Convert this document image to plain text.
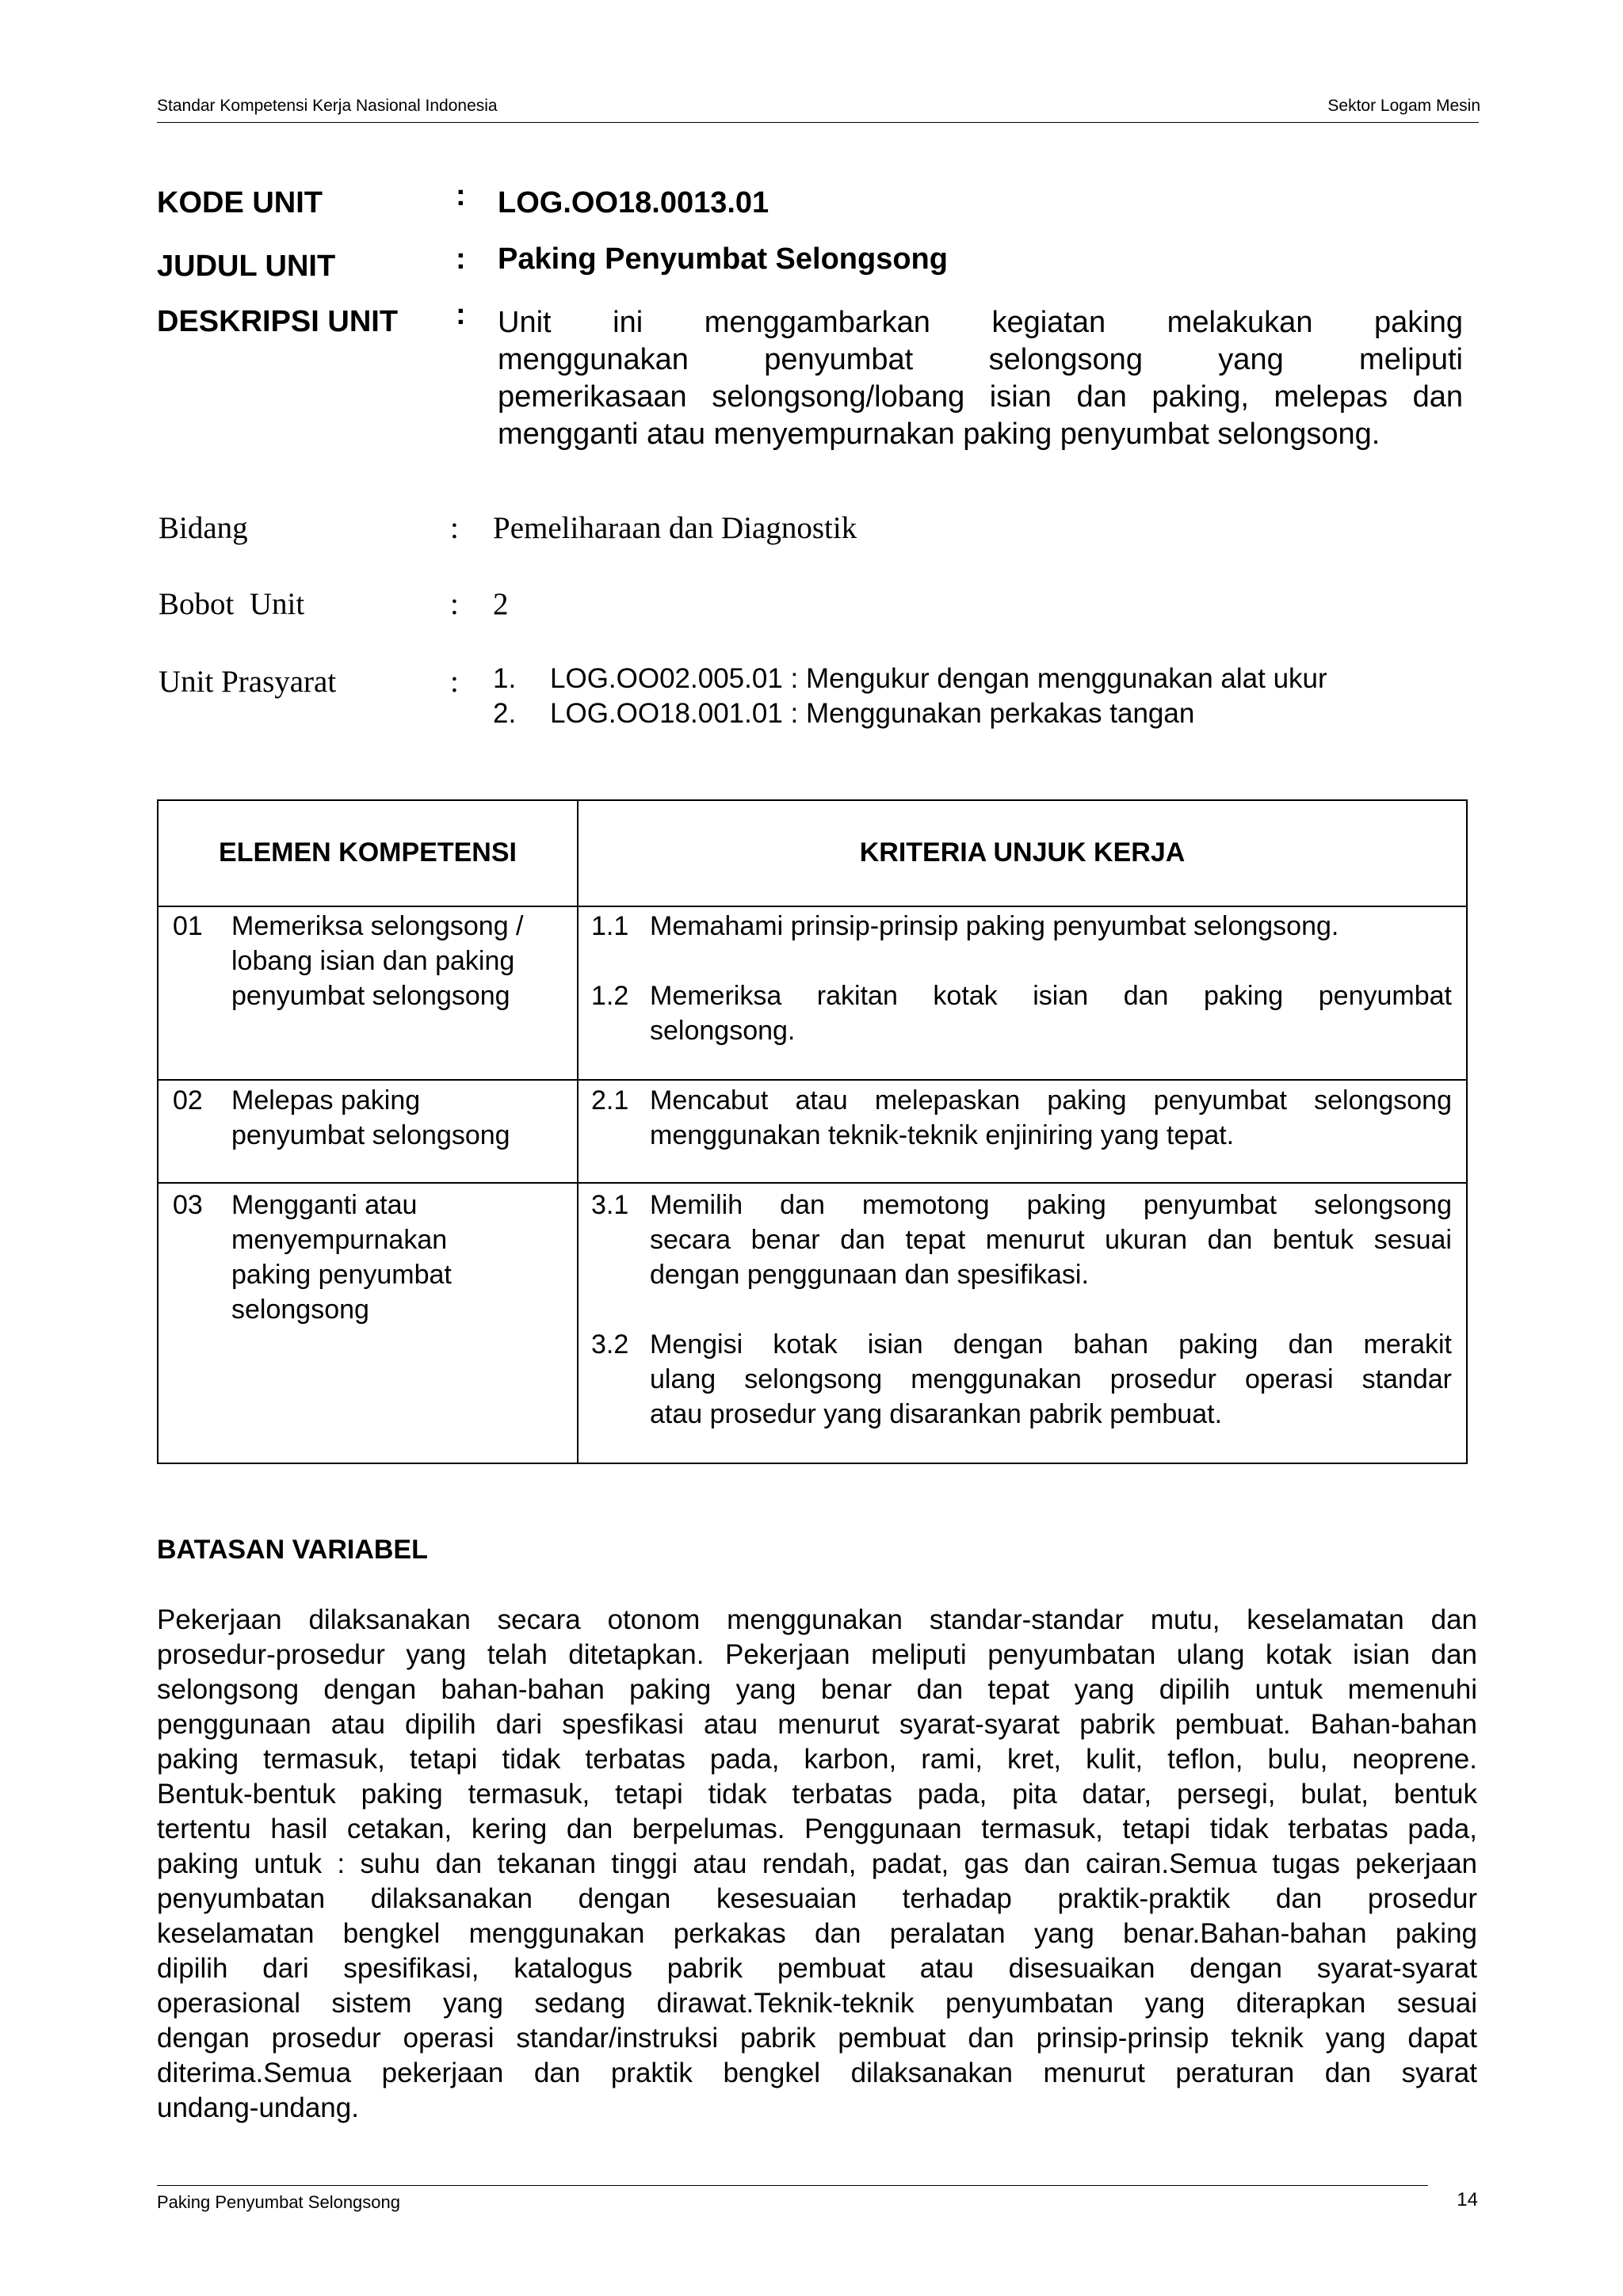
Standar Kompetensi Kerja Nasional Indonesia	Sektor Logam Mesin
KODE UNIT	: LOG.OO18.0013.01
JUDUL UNIT	: Paking Penyumbat Selongsong
DESKRIPSI UNIT : Unit ini menggambarkan kegiatan melakukan paking
menggunakan penyumbat selongsong yang meliputi
pemerikasaan selongsong/lobang isian dan paking, melepas dan
mengganti atau menyempurnakan paking penyumbat selongsong.
Bidang	: Pemeliharaan dan Diagnostik
Bobot  Unit	: 2
Unit Prasyarat	: 1.	LOG.OO02.005.01 : Mengukur dengan menggunakan alat ukur
2.	LOG.OO18.001.01 : Menggunakan perkakas tangan
ELEMEN KOMPETENSI	KRITERIA UNJUK KERJA
01	Memeriksa selongsong /
lobang isian dan paking
penyumbat selongsong
1.1 Memahami prinsip-prinsip paking penyumbat selongsong.
1.2 Memeriksa rakitan kotak isian dan paking penyumbat
selongsong.
02	Melepas paking
penyumbat selongsong
2.1 Mencabut atau melepaskan paking penyumbat selongsong
menggunakan teknik-teknik enjiniring yang tepat.
03	Mengganti atau
menyempurnakan
paking penyumbat
selongsong
3.1 Memilih dan memotong paking penyumbat selongsong
secara benar dan tepat menurut ukuran dan bentuk sesuai
dengan penggunaan dan spesifikasi.
3.2 Mengisi kotak isian dengan bahan paking dan merakit
ulang selongsong menggunakan prosedur operasi standar
atau prosedur yang disarankan pabrik pembuat.
BATASAN VARIABEL
Pekerjaan dilaksanakan secara otonom menggunakan standar-standar mutu, keselamatan dan
prosedur-prosedur yang telah ditetapkan. Pekerjaan meliputi penyumbatan ulang kotak isian dan
selongsong dengan bahan-bahan paking yang benar dan tepat yang dipilih untuk memenuhi
penggunaan atau dipilih dari spesfikasi atau menurut syarat-syarat pabrik pembuat. Bahan-bahan
paking termasuk, tetapi tidak terbatas pada, karbon, rami, kret, kulit, teflon, bulu, neoprene.
Bentuk-bentuk paking termasuk, tetapi tidak terbatas pada, pita datar, persegi, bulat, bentuk
tertentu hasil cetakan, kering dan berpelumas. Penggunaan termasuk, tetapi tidak terbatas pada,
paking untuk : suhu dan tekanan tinggi atau rendah, padat, gas dan cairan.Semua tugas pekerjaan
penyumbatan dilaksanakan dengan kesesuaian terhadap praktik-praktik dan prosedur
keselamatan bengkel menggunakan perkakas dan peralatan yang benar.Bahan-bahan paking
dipilih dari spesifikasi, katalogus pabrik pembuat atau disesuaikan dengan syarat-syarat
operasional sistem yang sedang dirawat.Teknik-teknik penyumbatan yang diterapkan sesuai
dengan prosedur operasi standar/instruksi pabrik pembuat dan prinsip-prinsip teknik yang dapat
diterima.Semua pekerjaan dan praktik bengkel dilaksanakan menurut peraturan dan syarat
undang-undang.
Paking Penyumbat Selongsong	14
